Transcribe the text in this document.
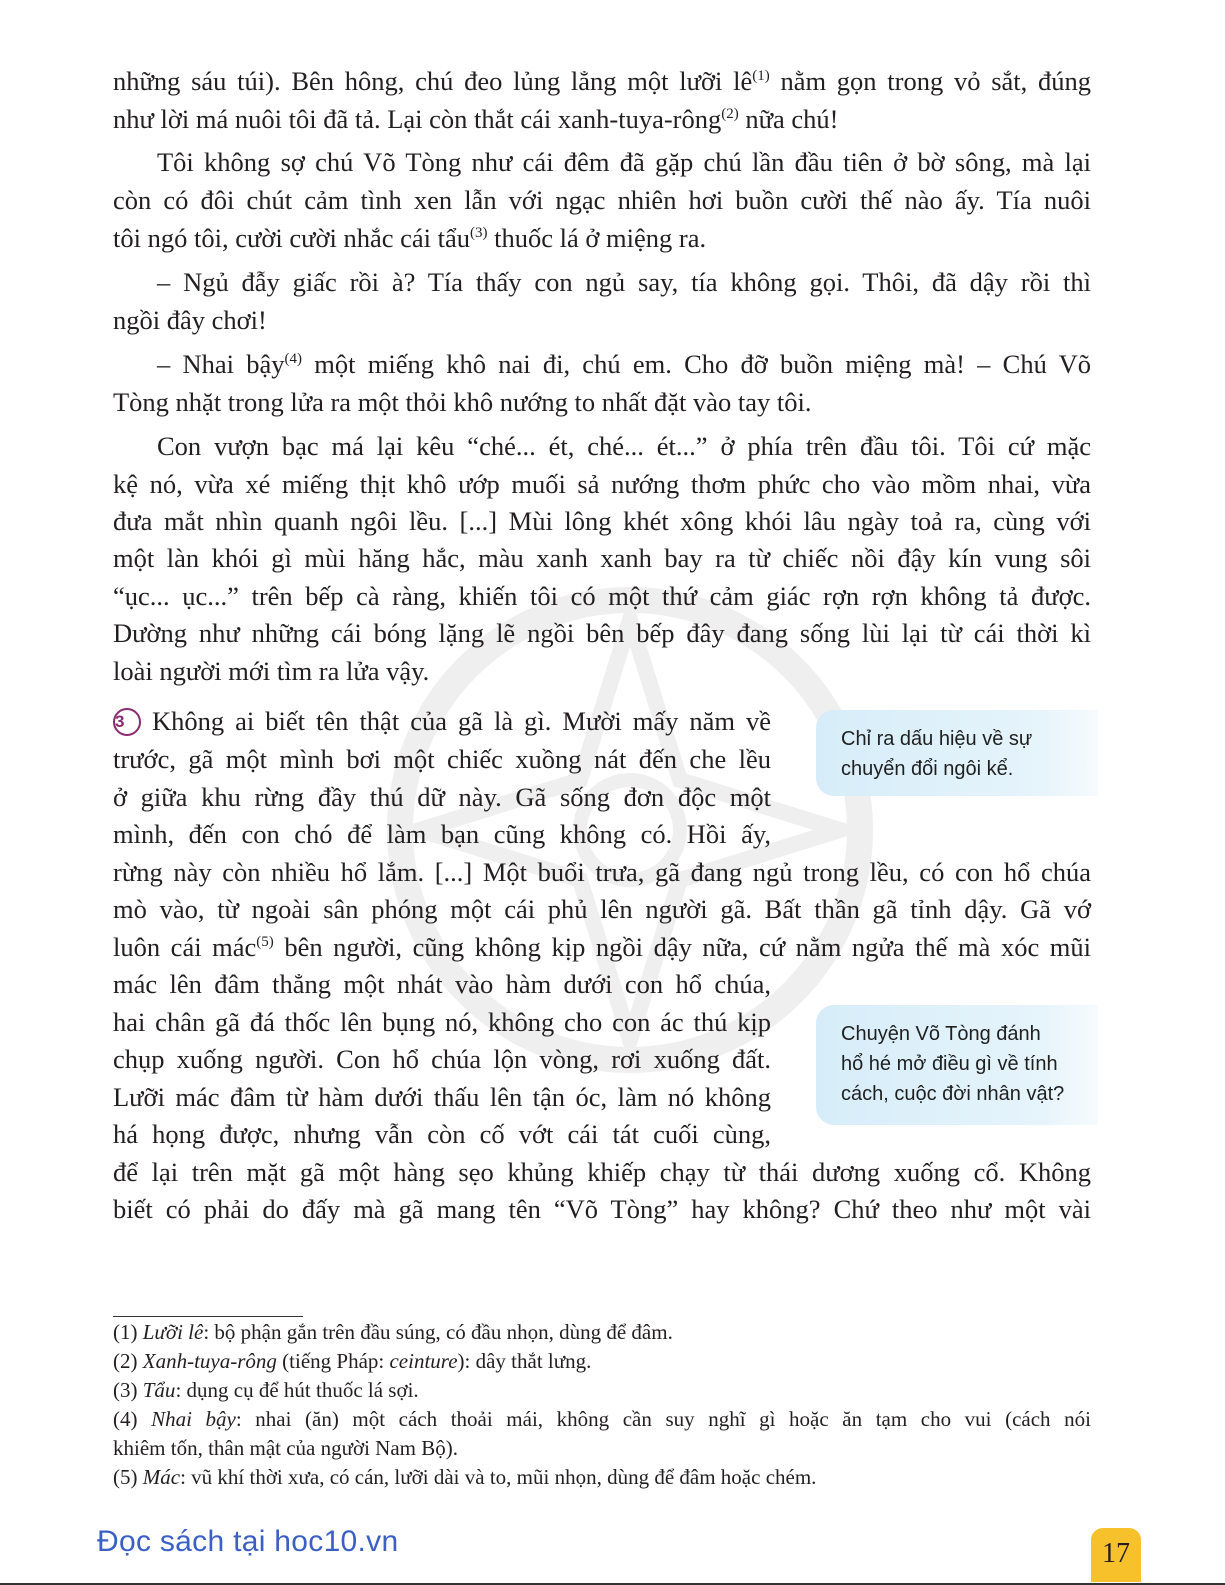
những sáu túi). Bên hông, chú đeo lủng lẳng một lưỡi $lê^{(1)}$ nằm gọn trong vỏ sắt, đúng
như lời má nuôi tôi đã tả. Lại còn thắt cái xanh-tuya-rông$^{(2)}$ nữa chú!
Tôi không sợ chú Võ Tòng như cái đêm đã gặp chú lần đầu tiên ở bờ sông, mà lại
còn có đôi chút cảm tình xen lẫn với ngạc nhiên hơi buồn cười thế nào ấy. Tía nuôi
tôi ngó tôi, cười cười nhắc cái tẩu$^{(3)}$ thuốc lá ở miệng ra.
– Ngủ đẫy giấc rồi à? Tía thấy con ngủ say, tía không gọi. Thôi, đã dậy rồi thì
ngồi đây chơi!
– Nhai bậy$^{(4)}$ một miếng khô nai đi, chú em. Cho đỡ buồn miệng mà! – Chú Võ
Tòng nhặt trong lửa ra một thỏi khô nướng to nhất đặt vào tay tôi.
Con vượn bạc má lại kêu “ché... ét, ché... ét...” ở phía trên đầu tôi. Tôi cứ mặc
kệ nó, vừa xé miếng thịt khô ướp muối sả nướng thơm phức cho vào mồm nhai, vừa
đưa mắt nhìn quanh ngôi lều. [...] Mùi lông khét xông khói lâu ngày toả ra, cùng với
một làn khói gì mùi hăng hắc, màu xanh xanh bay ra từ chiếc nồi đậy kín vung sôi
“ục... ục...” trên bếp cà ràng, khiến tôi có một thứ cảm giác rợn rợn không tả được.
Dường như những cái bóng lặng lẽ ngồi bên bếp đây đang sống lùi lại từ cái thời kì
loài người mới tìm ra lửa vậy.
3 Không ai biết tên thật của gã là gì. Mười mấy năm về
trước, gã một mình bơi một chiếc xuồng nát đến che lều
ở giữa khu rừng đầy thú dữ này. Gã sống đơn độc một
mình, đến con chó để làm bạn cũng không có. Hồi ấy,
rừng này còn nhiều hổ lắm. [...] Một buổi trưa, gã đang ngủ trong lều, có con hổ chúa
mò vào, từ ngoài sân phóng một cái phủ lên người gã. Bất thần gã tỉnh dậy. Gã vớ
luôn cái mác$^{(5)}$ bên người, cũng không kịp ngồi dậy nữa, cứ nằm ngửa thế mà xóc mũi
mác lên đâm thẳng một nhát vào hàm dưới con hổ chúa,
hai chân gã đá thốc lên bụng nó, không cho con ác thú kịp
chụp xuống người. Con hổ chúa lộn vòng, rơi xuống đất.
Lưỡi mác đâm từ hàm dưới thấu lên tận óc, làm nó không
há họng được, nhưng vẫn còn cố vớt cái tát cuối cùng,
để lại trên mặt gã một hàng sẹo khủng khiếp chạy từ thái dương xuống cổ. Không
biết có phải do đấy mà gã mang tên “Võ Tòng” hay không? Chứ theo như một vài
Chỉ ra dấu hiệu về sự
chuyển đổi ngôi kể.
Chuyện Võ Tòng đánh
hổ hé mở điều gì về tính
cách, cuộc đời nhân vật?
(1) Lưỡi lê: bộ phận gắn trên đầu súng, có đầu nhọn, dùng để đâm.
(2) Xanh-tuya-rông (tiếng Pháp: ceinture): dây thắt lưng.
(3) Tẩu: dụng cụ để hút thuốc lá sợi.
(4) Nhai bậy: nhai (ăn) một cách thoải mái, không cần suy nghĩ gì hoặc ăn tạm cho vui (cách nói
khiêm tốn, thân mật của người Nam Bộ).
(5) Mác: vũ khí thời xưa, có cán, lưỡi dài và to, mũi nhọn, dùng để đâm hoặc chém.
Đọc sách tại hoc10.vn	17
